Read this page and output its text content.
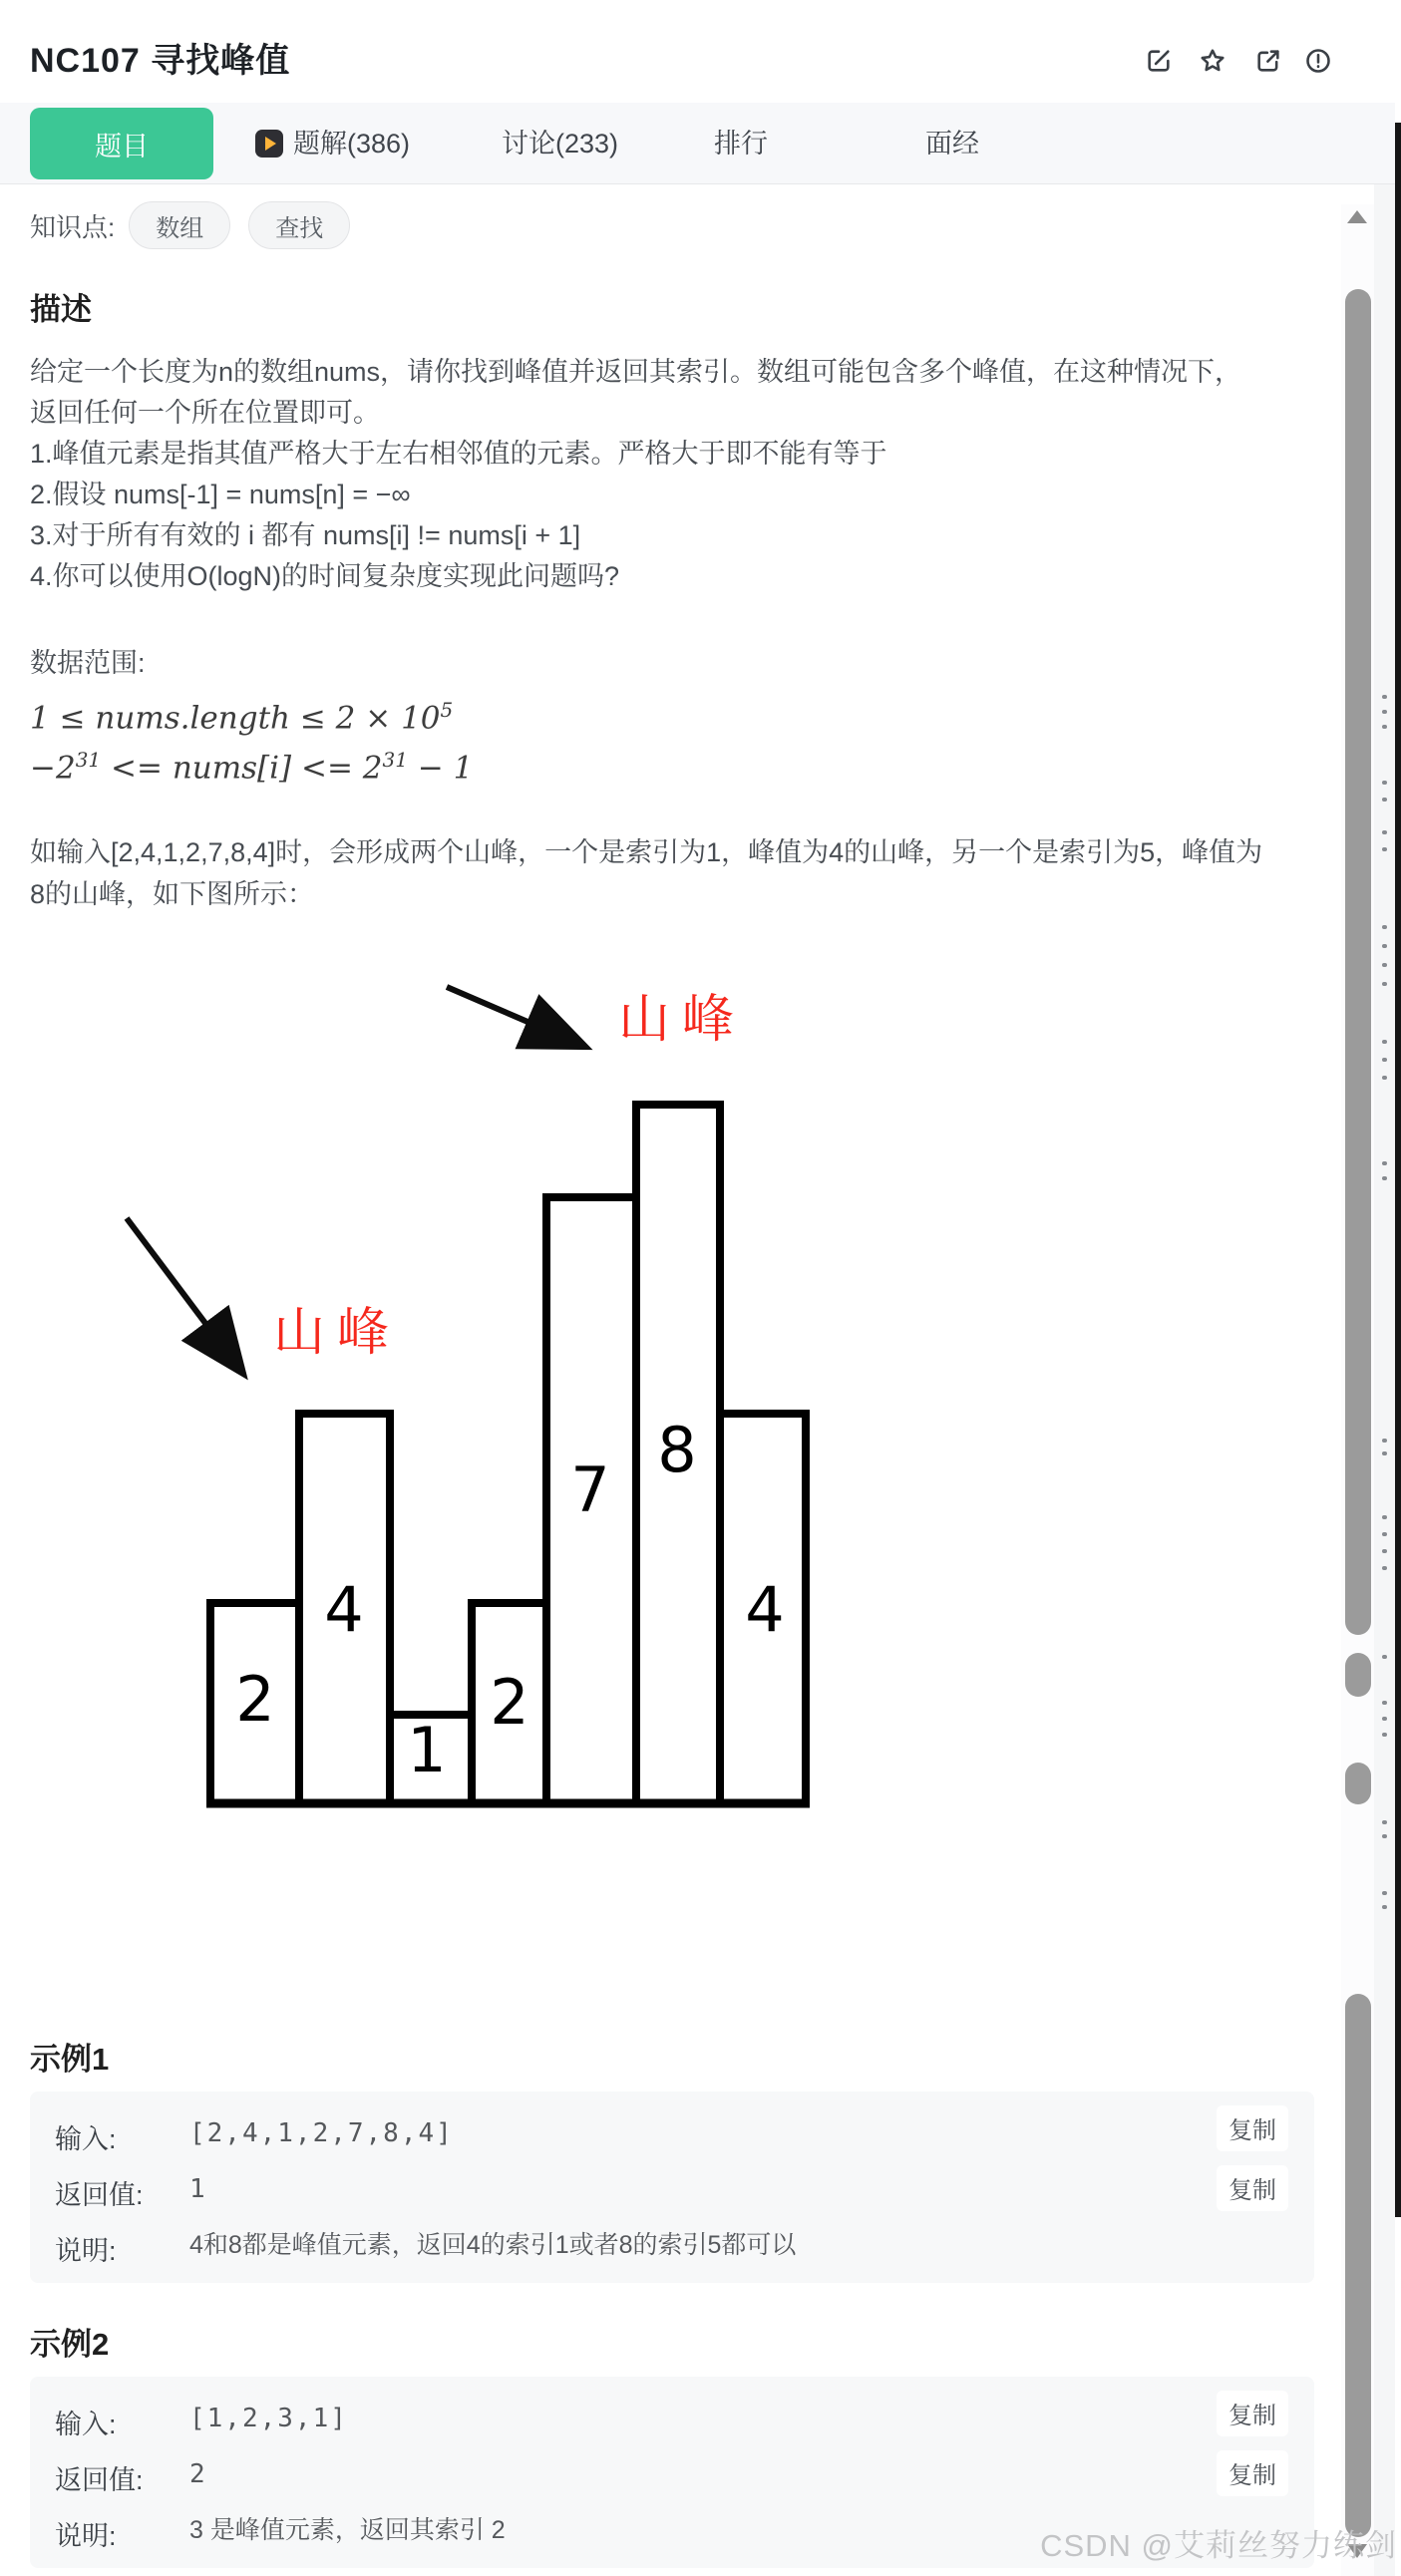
NC107 寻找峰值
题目	题解(386)	讨论(233)	排行	面经
知识点:	数组	查找
描述
给定一个长度为n的数组nums，请你找到峰值并返回其索引。数组可能包含多个峰值，在这种情况下，
返回任何一个所在位置即可。
1.峰值元素是指其值严格大于左右相邻值的元素。严格大于即不能有等于
2.假设 nums[-1] = nums[n] = −∞
3.对于所有有效的 i 都有 nums[i] != nums[i + 1]
4.你可以使用O(logN)的时间复杂度实现此问题吗?
数据范围:
1 ≤ nums.length ≤ $2 \times 10^5$
$-2^{31}$ <= nums[i] <= $2^{31} - 1$
如输入[2,4,1,2,7,8,4]时，会形成两个山峰，一个是索引为1，峰值为4的山峰，另一个是索引为5，峰值为
8的山峰，如下图所示：
示例1
输入:	[2,4,1,2,7,8,4]	复制
返回值: 1	复制
说明:	4和8都是峰值元素，返回4的索引1或者8的索引5都可以
示例2
输入:	[1,2,3,1]	复制
返回值: 2	复制
说明:	3 是峰值元素，返回其索引 2
2
4
1
2
7
8
4
山峰
山峰
CSDN @艾莉丝努力练剑
